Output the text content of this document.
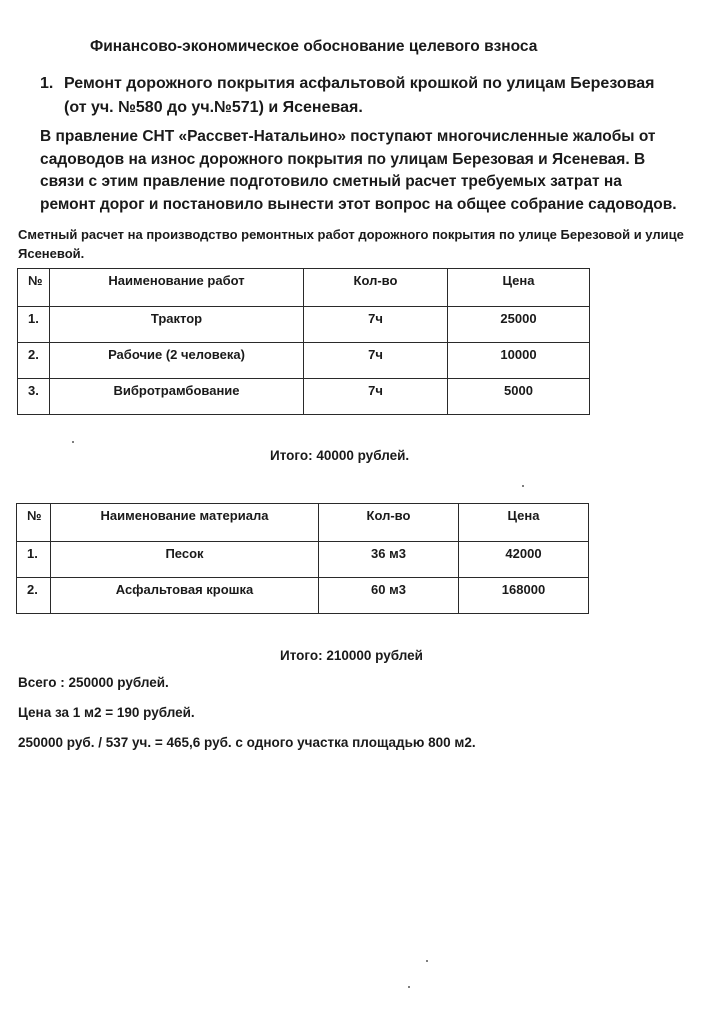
Финансово-экономическое обоснование целевого взноса
1. Ремонт дорожного покрытия асфальтовой крошкой по улицам Березовая (от уч. №580 до уч.№571) и Ясеневая.
В правление СНТ «Рассвет-Натальино» поступают многочисленные жалобы от садоводов на износ дорожного покрытия по улицам Березовая и Ясеневая. В связи с этим правление подготовило сметный расчет требуемых затрат на ремонт дорог и постановило вынести этот вопрос на общее собрание садоводов.
Сметный расчет на производство ремонтных работ дорожного покрытия по улице Березовой и улице Ясеневой.
№	Наименование работ	Кол-во	Цена
1.	Трактор	7ч	25000
2.	Рабочие (2 человека)	7ч	10000
3.	Вибротрамбование	7ч	5000
Итого: 40000 рублей.
№	Наименование материала	Кол-во	Цена
1.	Песок	36 м3	42000
2.	Асфальтовая крошка	60 м3	168000
Итого: 210000 рублей
Всего : 250000 рублей.
Цена за 1 м2 = 190 рублей.
250000 руб. / 537 уч. = 465,6 руб. с одного участка площадью 800 м2.
